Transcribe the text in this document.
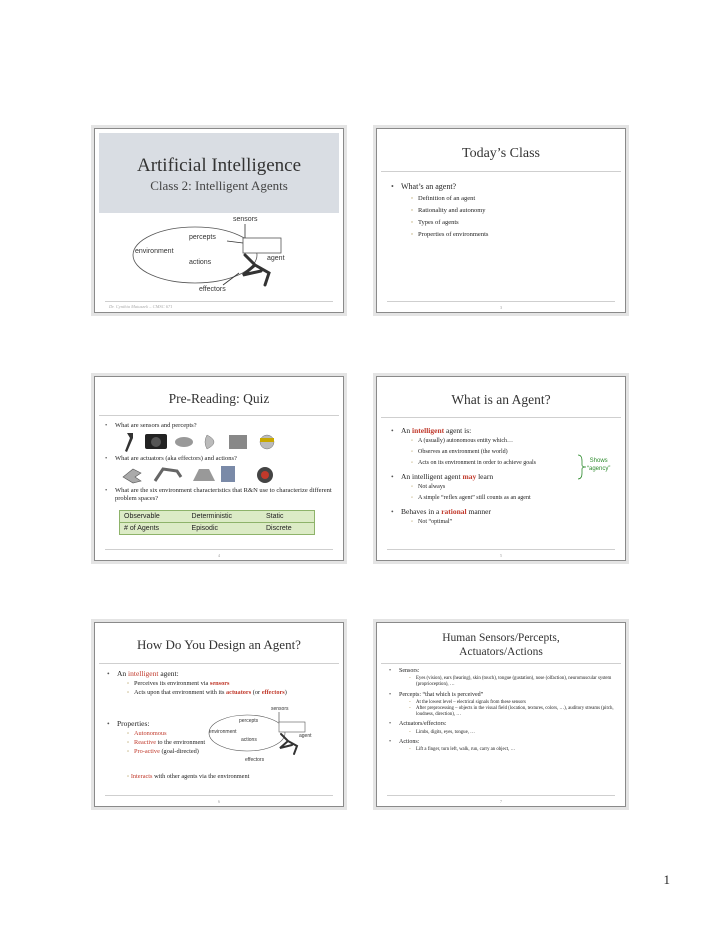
Artificial Intelligence
Class 2: Intelligent Agents
sensors
percepts
environment
actions
agent
effectors
Dr. Cynthia Matuszek – CMSC 671
Today’s Class
• What’s an agent?
◦ Definition of an agent
◦ Rationality and autonomy
◦ Types of agents
◦ Properties of environments
3
Pre-Reading: Quiz
• What are sensors and percepts?
• What are actuators (aka effectors) and actions?
• What are the six environment characteristics that R&N use to characterize different problem spaces?
Observable	Deterministic	Static
# of Agents	Episodic	Discrete
4
What is an Agent?
• An intelligent agent is:
◦ A (usually) autonomous entity which…
◦ Observes an environment (the world)
◦ Acts on its environment in order to achieve goals
• An intelligent agent may learn
◦ Not always
◦ A simple “reflex agent” still counts as an agent
• Behaves in a rational manner
◦ Not “optimal”
Shows
“agency”
5
How Do You Design an Agent?
• An intelligent agent:
◦ Perceives its environment via sensors
◦ Acts upon that environment with its actuators (or effectors)
• Properties:
◦ Autonomous
◦ Reactive to the environment
◦ Pro-active (goal-directed)
◦ Interacts with other agents via the environment
sensors
percepts
environment
actions
agent
effectors
6
Human Sensors/Percepts,
Actuators/Actions
• Sensors:
◦ Eyes (vision), ears (hearing), skin (touch), tongue (gustation), nose (olfaction), neuromuscular system (proprioception), …
• Percepts: “that which is perceived”
◦ At the lowest level – electrical signals from these sensors
◦ After preprocessing – objects in the visual field (location, textures, colors, …), auditory streams (pitch, loudness, direction), …
• Actuators/effectors:
◦ Limbs, digits, eyes, tongue, …
• Actions:
◦ Lift a finger, turn left, walk, run, carry an object, …
7
1
